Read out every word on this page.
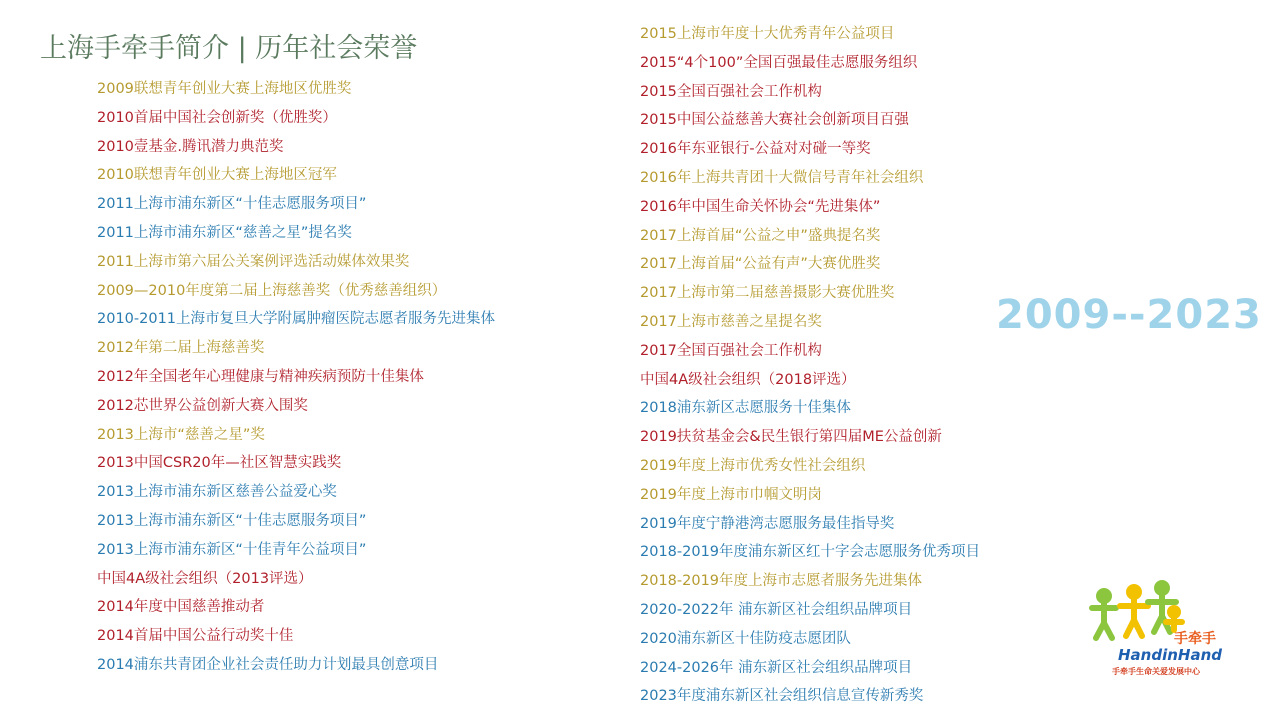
上海手牵手简介 | 历年社会荣誉
2009联想青年创业大赛上海地区优胜奖
2010首届中国社会创新奖（优胜奖）
2010壹基金.腾讯潜力典范奖
2010联想青年创业大赛上海地区冠军
2011上海市浦东新区“十佳志愿服务项目”
2011上海市浦东新区“慈善之星”提名奖
2011上海市第六届公关案例评选活动媒体效果奖
2009—2010年度第二届上海慈善奖（优秀慈善组织）
2010-2011上海市复旦大学附属肿瘤医院志愿者服务先进集体
2012年第二届上海慈善奖
2012年全国老年心理健康与精神疾病预防十佳集体
2012芯世界公益创新大赛入围奖
2013上海市“慈善之星”奖
2013中国CSR20年—社区智慧实践奖
2013上海市浦东新区慈善公益爱心奖
2013上海市浦东新区“十佳志愿服务项目”
2013上海市浦东新区“十佳青年公益项目”
中国4A级社会组织（2013评选）
2014年度中国慈善推动者
2014首届中国公益行动奖十佳
2014浦东共青团企业社会责任助力计划最具创意项目
2015上海市年度十大优秀青年公益项目
2015“4个100”全国百强最佳志愿服务组织
2015全国百强社会工作机构
2015中国公益慈善大赛社会创新项目百强
2016年东亚银行-公益对对碰一等奖
2016年上海共青团十大微信号青年社会组织
2016年中国生命关怀协会“先进集体”
2017上海首届“公益之申”盛典提名奖
2017上海首届“公益有声”大赛优胜奖
2017上海市第二届慈善摄影大赛优胜奖
2017上海市慈善之星提名奖
2017全国百强社会工作机构
中国4A级社会组织（2018评选）
2018浦东新区志愿服务十佳集体
2019扶贫基金会&民生银行第四届ME公益创新
2019年度上海市优秀女性社会组织
2019年度上海市巾帼文明岗
2019年度宁静港湾志愿服务最佳指导奖
2018-2019年度浦东新区红十字会志愿服务优秀项目
2018-2019年度上海市志愿者服务先进集体
2020-2022年 浦东新区社会组织品牌项目
2020浦东新区十佳防疫志愿团队
2024-2026年 浦东新区社会组织品牌项目
2023年度浦东新区社会组织信息宣传新秀奖
2009--2023
手牵手
HandinHand
手牵手生命关爱发展中心
